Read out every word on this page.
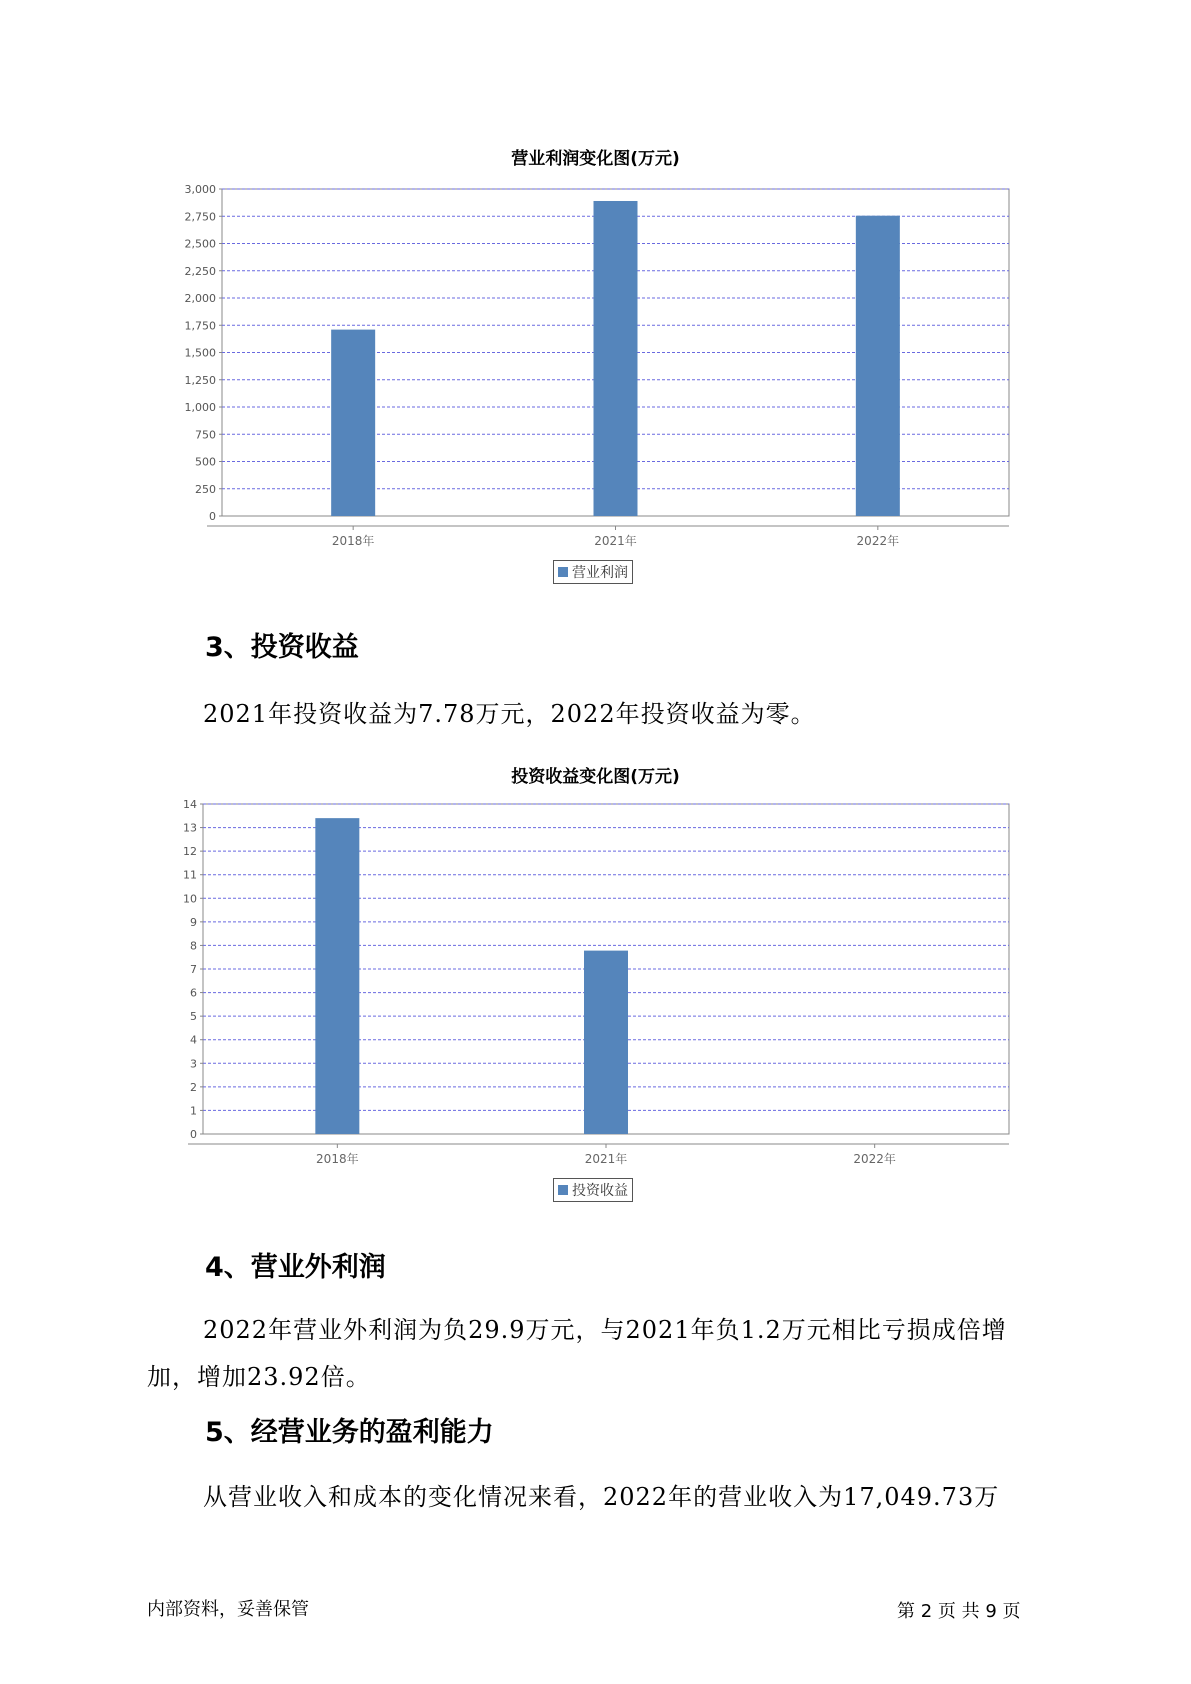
营业利润变化图(万元)
0
250
500
750
1,000
1,250
1,500
1,750
2,000
2,250
2,500
2,750
3,000
2018年	2021年	2022年
营业利润
3、投资收益
2021年投资收益为7.78万元，2022年投资收益为零。
投资收益变化图(万元)
0
1
2
3
4
5
6
7
8
9
10
11
12
13
14
2018年	2021年	2022年
投资收益
4、营业外利润
2022年营业外利润为负29.9万元，与2021年负1.2万元相比亏损成倍增
加，增加23.92倍。
5、经营业务的盈利能力
从营业收入和成本的变化情况来看，2022年的营业收入为17,049.73万
内部资料，妥善保管	第 2 页 共 9 页
